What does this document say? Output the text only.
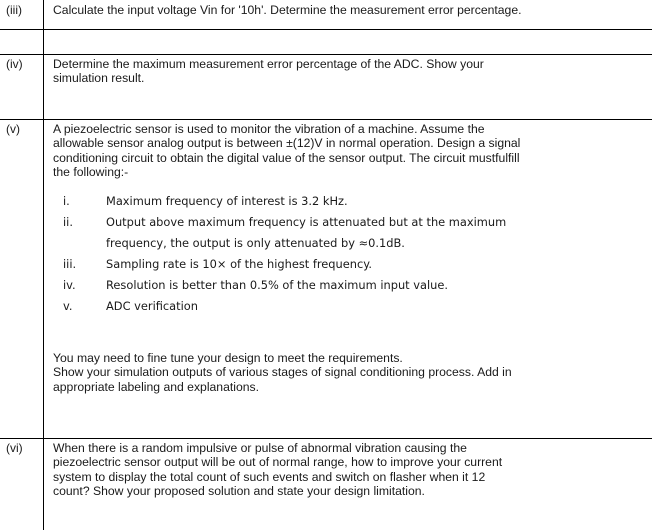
(iii)	Calculate the input voltage Vin for '10h'. Determine the measurement error percentage.

(iv) Determine the maximum measurement error percentage of the ADC. Show your

simulation result.

(v)	A piezoelectric sensor is used to monitor the vibration of a machine. Assume the

allowable sensor analog output is between ±(12)V in normal operation. Design a signal

conditioning circuit to obtain the digital value of the sensor output. The circuit mustfulfill

the following:-

i.	Maximum frequency of interest is 3.2 kHz.
ii.	Output above maximum frequency is attenuated but at the maximum
frequency, the output is only attenuated by ≈0.1dB.
iii.	Sampling rate is 10× of the highest frequency.
iv.	Resolution is better than 0.5% of the maximum input value.
v.	ADC verification

You may need to fine tune your design to meet the requirements.

Show your simulation outputs of various stages of signal conditioning process. Add in

appropriate labeling and explanations.

(vi) When there is a random impulsive or pulse of abnormal vibration causing the

piezoelectric sensor output will be out of normal range, how to improve your current

system to display the total count of such events and switch on flasher when it 12

count? Show your proposed solution and state your design limitation.
